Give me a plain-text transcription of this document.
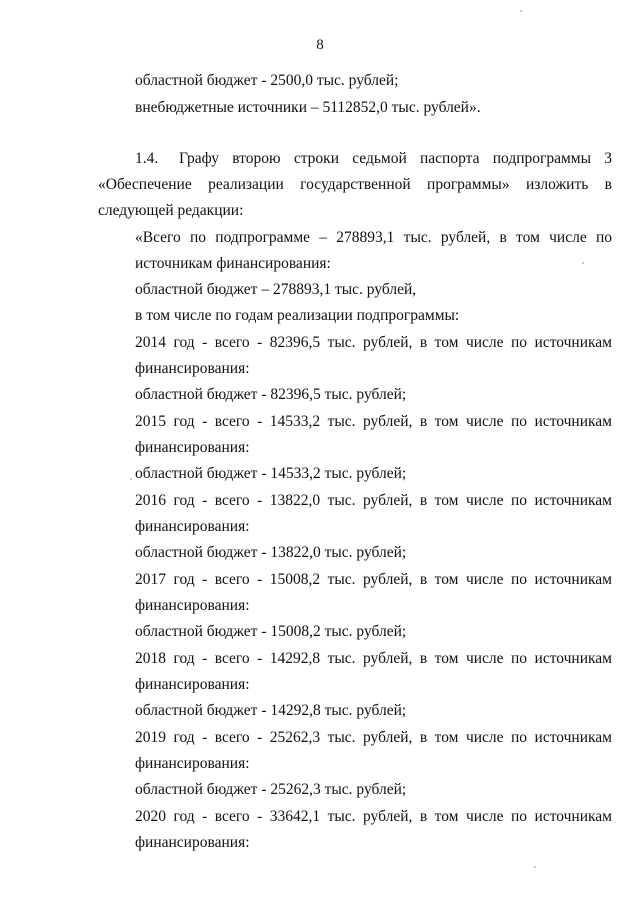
8
областной бюджет - 2500,0 тыс. рублей;
внебюджетные источники – 5112852,0 тыс. рублей».
1.4. Графу второю строки седьмой паспорта подпрограммы 3
«Обеспечение реализации государственной программы» изложить в
следующей редакции:
«Всего по подпрограмме – 278893,1 тыс. рублей, в том числе по
источникам финансирования:
областной бюджет – 278893,1 тыс. рублей,
в том числе по годам реализации подпрограммы:
2014 год - всего - 82396,5 тыс. рублей, в том числе по источникам
финансирования:
областной бюджет - 82396,5 тыс. рублей;
2015 год - всего - 14533,2 тыс. рублей, в том числе по источникам
финансирования:
областной бюджет - 14533,2 тыс. рублей;
2016 год - всего - 13822,0 тыс. рублей, в том числе по источникам
финансирования:
областной бюджет - 13822,0 тыс. рублей;
2017 год - всего - 15008,2 тыс. рублей, в том числе по источникам
финансирования:
областной бюджет - 15008,2 тыс. рублей;
2018 год - всего - 14292,8 тыс. рублей, в том числе по источникам
финансирования:
областной бюджет - 14292,8 тыс. рублей;
2019 год - всего - 25262,3 тыс. рублей, в том числе по источникам
финансирования:
областной бюджет - 25262,3 тыс. рублей;
2020 год - всего - 33642,1 тыс. рублей, в том числе по источникам
финансирования:
